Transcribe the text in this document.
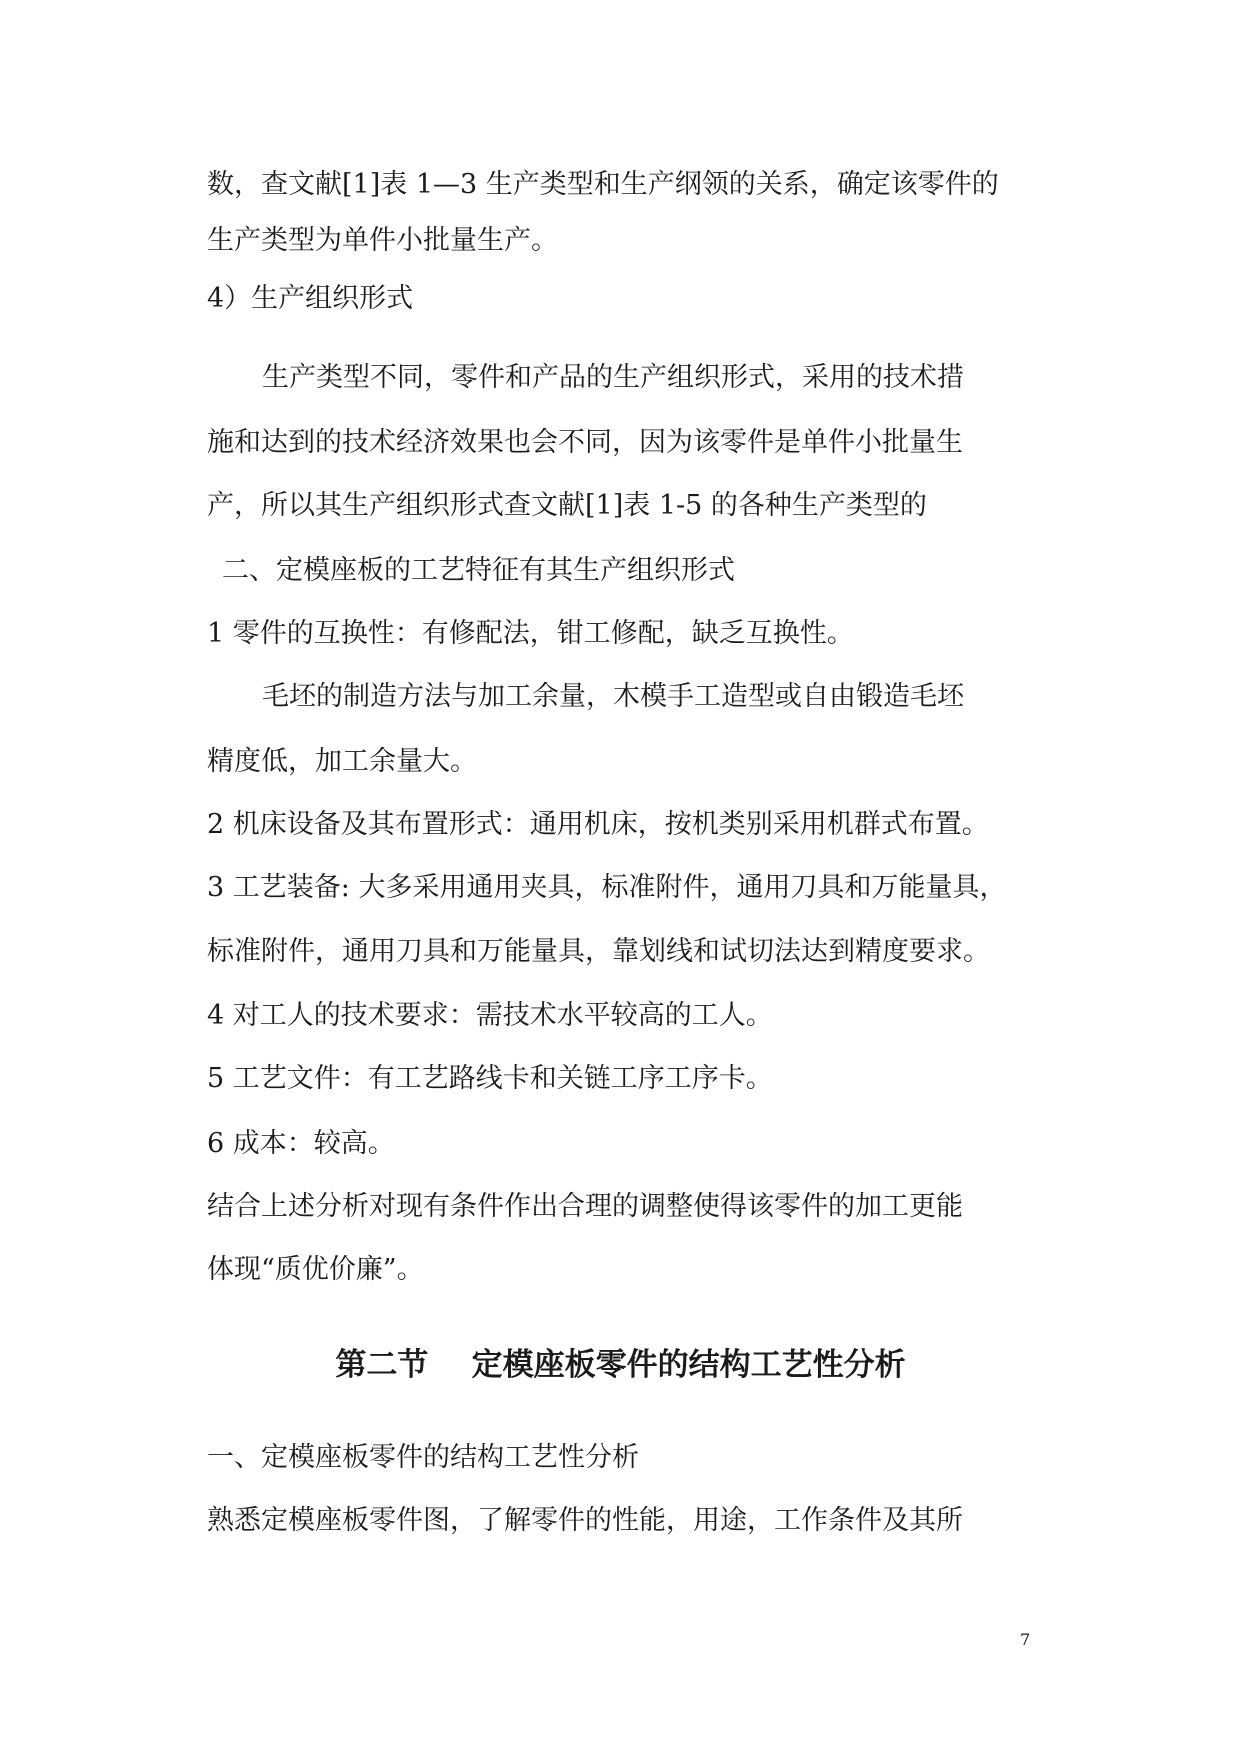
数，查文献[1]表 1—3 生产类型和生产纲领的关系，确定该零件的
生产类型为单件小批量生产。
4）生产组织形式
生产类型不同，零件和产品的生产组织形式，采用的技术措
施和达到的技术经济效果也会不同，因为该零件是单件小批量生
产，所以其生产组织形式查文献[1]表 1-5 的各种生产类型的
二、定模座板的工艺特征有其生产组织形式
1 零件的互换性：有修配法，钳工修配，缺乏互换性。
毛坯的制造方法与加工余量，木模手工造型或自由锻造毛坯
精度低，加工余量大。
2 机床设备及其布置形式：通用机床，按机类别采用机群式布置。
3 工艺装备: 大多采用通用夹具，标准附件，通用刀具和万能量具，
标准附件，通用刀具和万能量具，靠划线和试切法达到精度要求。
4 对工人的技术要求：需技术水平较高的工人。
5 工艺文件：有工艺路线卡和关链工序工序卡。
6 成本：较高。
结合上述分析对现有条件作出合理的调整使得该零件的加工更能
体现“质优价廉”。
第二节    定模座板零件的结构工艺性分析
一、定模座板零件的结构工艺性分析
熟悉定模座板零件图，了解零件的性能，用途，工作条件及其所
7
